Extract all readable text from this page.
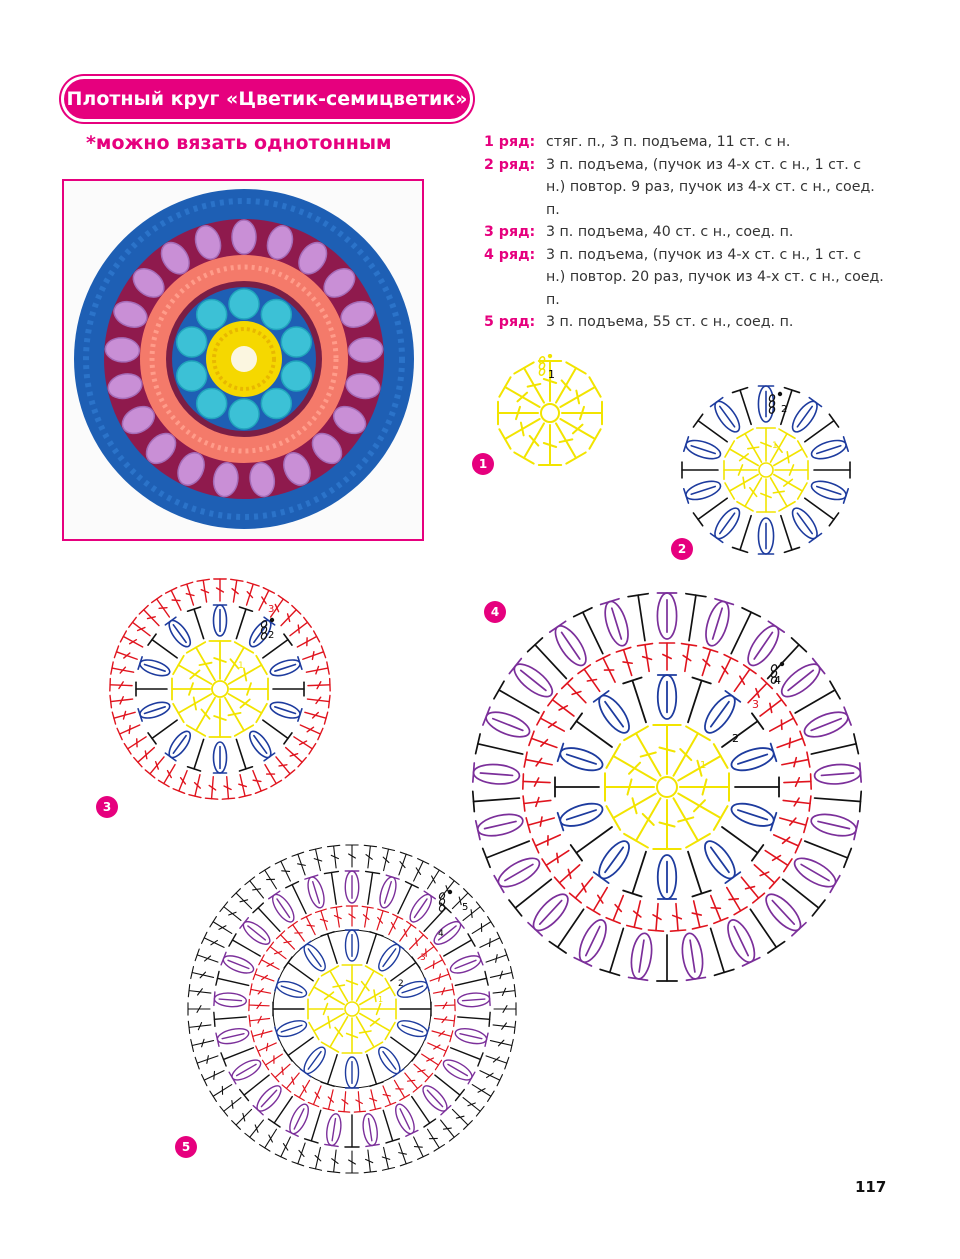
Плотный круг «Цветик-семицветик»
*можно вязать однотонным	1 ряд: стяг. п., 3 п. подъема, 11 ст. с н.
2 ряд: 3 п. подъема, (пучок из 4-х ст. с н., 1 ст. с н.) повтор. 9 раз, пучок из 4-х ст. с н., соед. п.
3 ряд: 3 п. подъема, 40 ст. с н., соед. п.
4 ряд: 3 п. подъема, (пучок из 4-х ст. с н., 1 ст. с н.) повтор. 20 раз, пучок из 4-х ст. с н., соед. п.
5 ряд: 3 п. подъема, 55 ст. с н., соед. п.
1
1
2
1
2
2
3
1
3
4
3
2
1
4
5
4
3
2
1
5
117
